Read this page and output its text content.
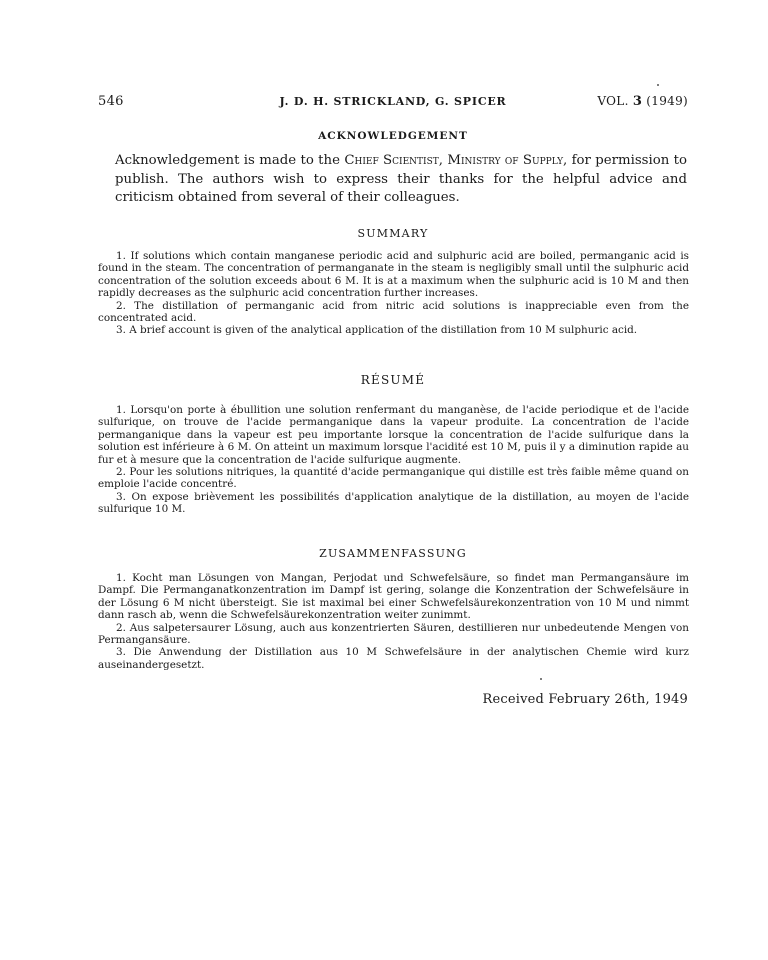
546	J. D. H. STRICKLAND, G. SPICER	VOL. 3 (1949)
ACKNOWLEDGEMENT
Acknowledgement is made to the Chief Scientist, Ministry of Supply, for permission to publish. The authors wish to express their thanks for the helpful advice and criticism obtained from several of their colleagues.
SUMMARY

1. If solutions which contain manganese periodic acid and sulphuric acid are boiled, permanganic acid is found in the steam. The concentration of permanganate in the steam is negligibly small until the sulphuric acid concentration of the solution exceeds about 6 M. It is at a maximum when the sulphuric acid is 10 M and then rapidly decreases as the sulphuric acid concentration further increases.

2. The distillation of permanganic acid from nitric acid solutions is inappreciable even from the concentrated acid.

3. A brief account is given of the analytical application of the distillation from 10 M sulphuric acid.

RÉSUMÉ

1. Lorsqu'on porte à ébullition une solution renfermant du manganèse, de l'acide periodique et de l'acide sulfurique, on trouve de l'acide permanganique dans la vapeur produite. La concentration de l'acide permanganique dans la vapeur est peu importante lorsque la concentration de l'acide sulfurique dans la solution est inférieure à 6 M. On atteint un maximum lorsque l'acidité est 10 M, puis il y a diminution rapide au fur et à mesure que la concentration de l'acide sulfurique augmente.

2. Pour les solutions nitriques, la quantité d'acide permanganique qui distille est très faible même quand on emploie l'acide concentré.

3. On expose brièvement les possibilités d'application analytique de la distillation, au moyen de l'acide sulfurique 10 M.

ZUSAMMENFASSUNG

1. Kocht man Lösungen von Mangan, Perjodat und Schwefelsäure, so findet man Permangansäure im Dampf. Die Permanganatkonzentration im Dampf ist gering, solange die Konzentration der Schwefelsäure in der Lösung 6 M nicht übersteigt. Sie ist maximal bei einer Schwefelsäurekonzentration von 10 M und nimmt dann rasch ab, wenn die Schwefelsäurekonzentration weiter zunimmt.

2. Aus salpetersaurer Lösung, auch aus konzentrierten Säuren, destillieren nur unbedeutende Mengen von Permangansäure.

3. Die Anwendung der Distillation aus 10 M Schwefelsäure in der analytischen Chemie wird kurz auseinandergesetzt.

Received February 26th, 1949
